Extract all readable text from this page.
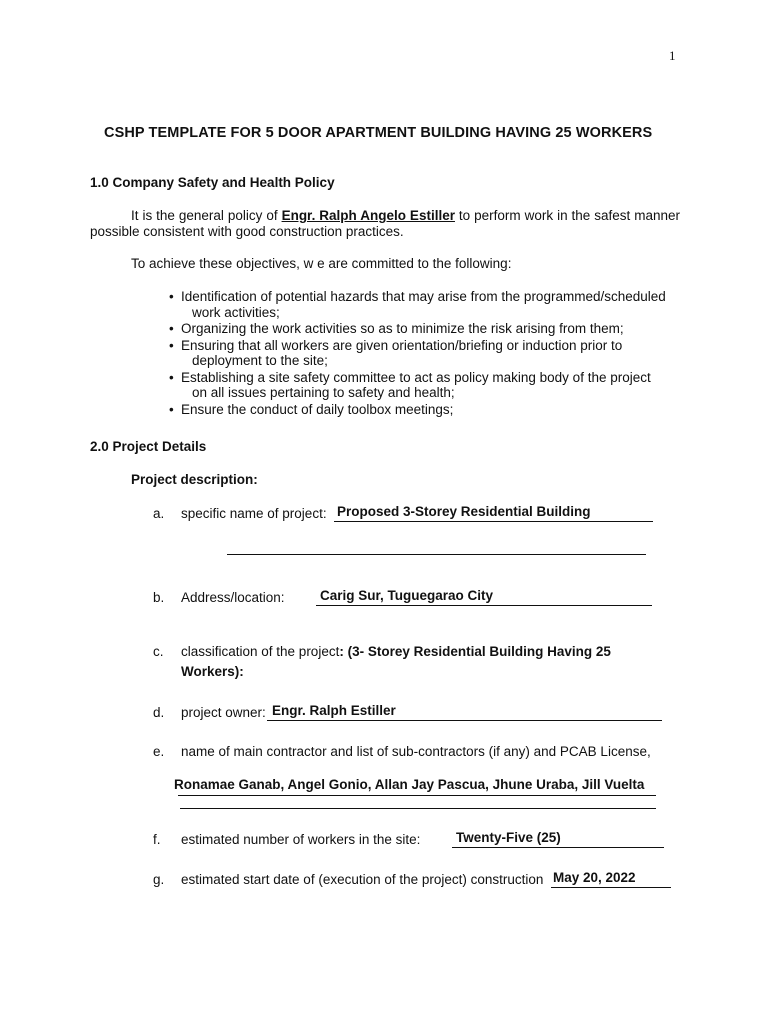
1
CSHP TEMPLATE FOR 5 DOOR APARTMENT BUILDING HAVING 25 WORKERS
1.0 Company Safety and Health Policy
It is the general policy of Engr. Ralph Angelo Estiller to perform work in the safest manner possible consistent with good construction practices.
To achieve these objectives, w e are committed to the following:
• Identification of potential hazards that may arise from the programmed/scheduled
work activities;
• Organizing the work activities so as to minimize the risk arising from them;
• Ensuring that all workers are given orientation/briefing or induction prior to
deployment to the site;
• Establishing a site safety committee to act as policy making body of the project
on all issues pertaining to safety and health;
• Ensure the conduct of daily toolbox meetings;
2.0 Project Details
Project description:
a. specific name of project: Proposed 3-Storey Residential Building
b. Address/location:	Carig Sur, Tuguegarao City
c. classification of the project: (3- Storey Residential Building Having 25
Workers):
d. project owner: Engr. Ralph Estiller
e. name of main contractor and list of sub-contractors (if any) and PCAB License,
Ronamae Ganab, Angel Gonio, Allan Jay Pascua, Jhune Uraba, Jill Vuelta
f. estimated number of workers in the site:	Twenty-Five (25)
g. estimated start date of (execution of the project) construction May 20, 2022
